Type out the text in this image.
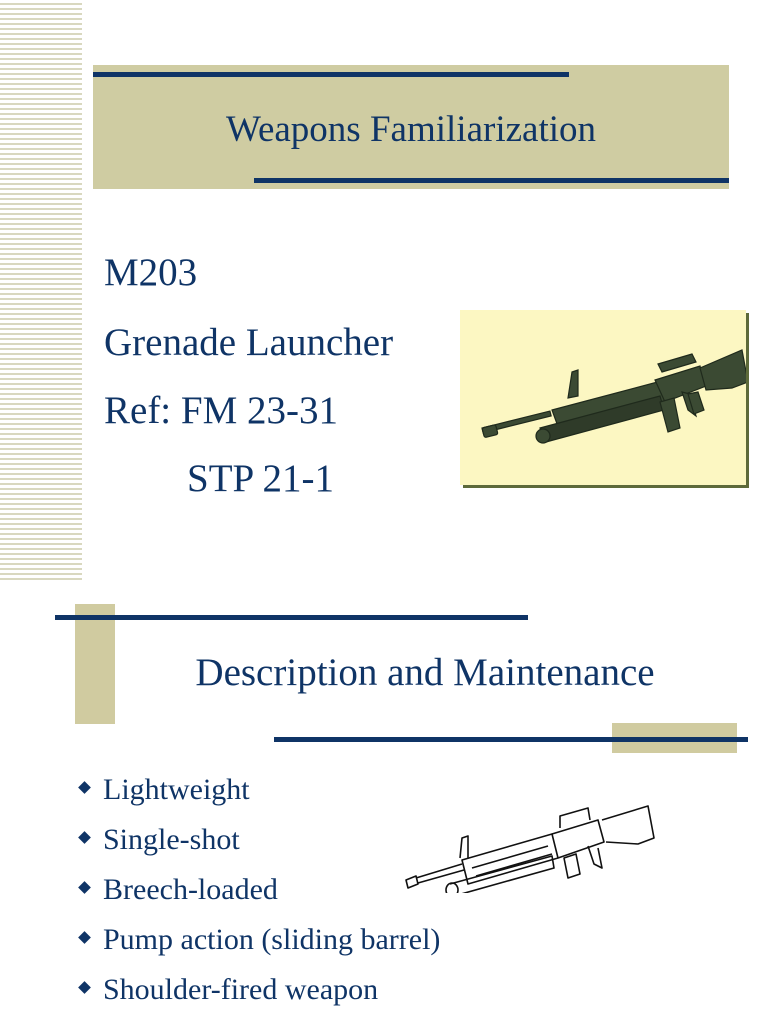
Weapons Familiarization
M203
Grenade Launcher
Ref: FM 23-31
STP 21-1
Description and Maintenance
Lightweight
Single-shot
Breech-loaded
Pump action (sliding barrel)
Shoulder-fired weapon
